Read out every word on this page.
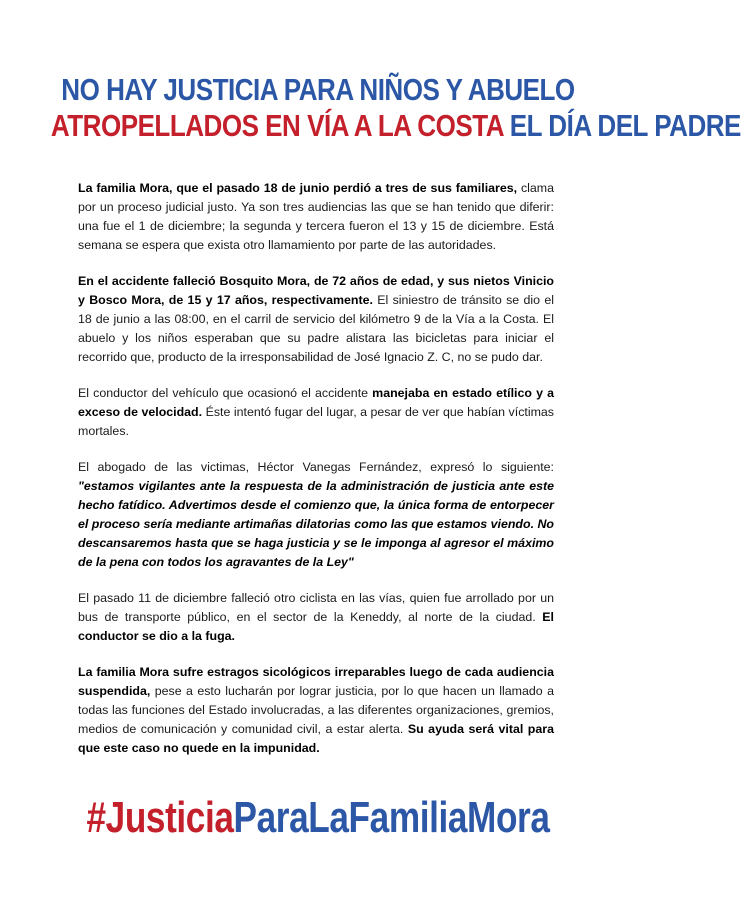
NO HAY JUSTICIA PARA NIÑOS Y ABUELO
ATROPELLADOS EN VÍA A LA COSTA EL DÍA DEL PADRE

La familia Mora, que el pasado 18 de junio perdió a tres de sus familiares, clama por un proceso judicial justo. Ya son tres audiencias las que se han tenido que diferir: una fue el 1 de diciembre; la segunda y tercera fueron el 13 y 15 de diciembre. Está semana se espera que exista otro llamamiento por parte de las autoridades.

En el accidente falleció Bosquito Mora, de 72 años de edad, y sus nietos Vinicio y Bosco Mora, de 15 y 17 años, respectivamente. El siniestro de tránsito se dio el 18 de junio a las 08:00, en el carril de servicio del kilómetro 9 de la Vía a la Costa. El abuelo y los niños esperaban que su padre alistara las bicicletas para iniciar el recorrido que, producto de la irresponsabilidad de José Ignacio Z. C, no se pudo dar.

El conductor del vehículo que ocasionó el accidente manejaba en estado etílico y a exceso de velocidad. Éste intentó fugar del lugar, a pesar de ver que habían víctimas mortales.

El abogado de las victimas, Héctor Vanegas Fernández, expresó lo siguiente: "estamos vigilantes ante la respuesta de la administración de justicia ante este hecho fatídico. Advertimos desde el comienzo que, la única forma de entorpecer el proceso sería mediante artimañas dilatorias como las que estamos viendo. No descansaremos hasta que se haga justicia y se le imponga al agresor el máximo de la pena con todos los agravantes de la Ley"

El pasado 11 de diciembre falleció otro ciclista en las vías, quien fue arrollado por un bus de transporte público, en el sector de la Keneddy, al norte de la ciudad. El conductor se dio a la fuga.

La familia Mora sufre estragos sicológicos irreparables luego de cada audiencia suspendida, pese a esto lucharán por lograr justicia, por lo que hacen un llamado a todas las funciones del Estado involucradas, a las diferentes organizaciones, gremios, medios de comunicación y comunidad civil, a estar alerta. Su ayuda será vital para que este caso no quede en la impunidad.

#JusticiaParaLaFamiliaMora
